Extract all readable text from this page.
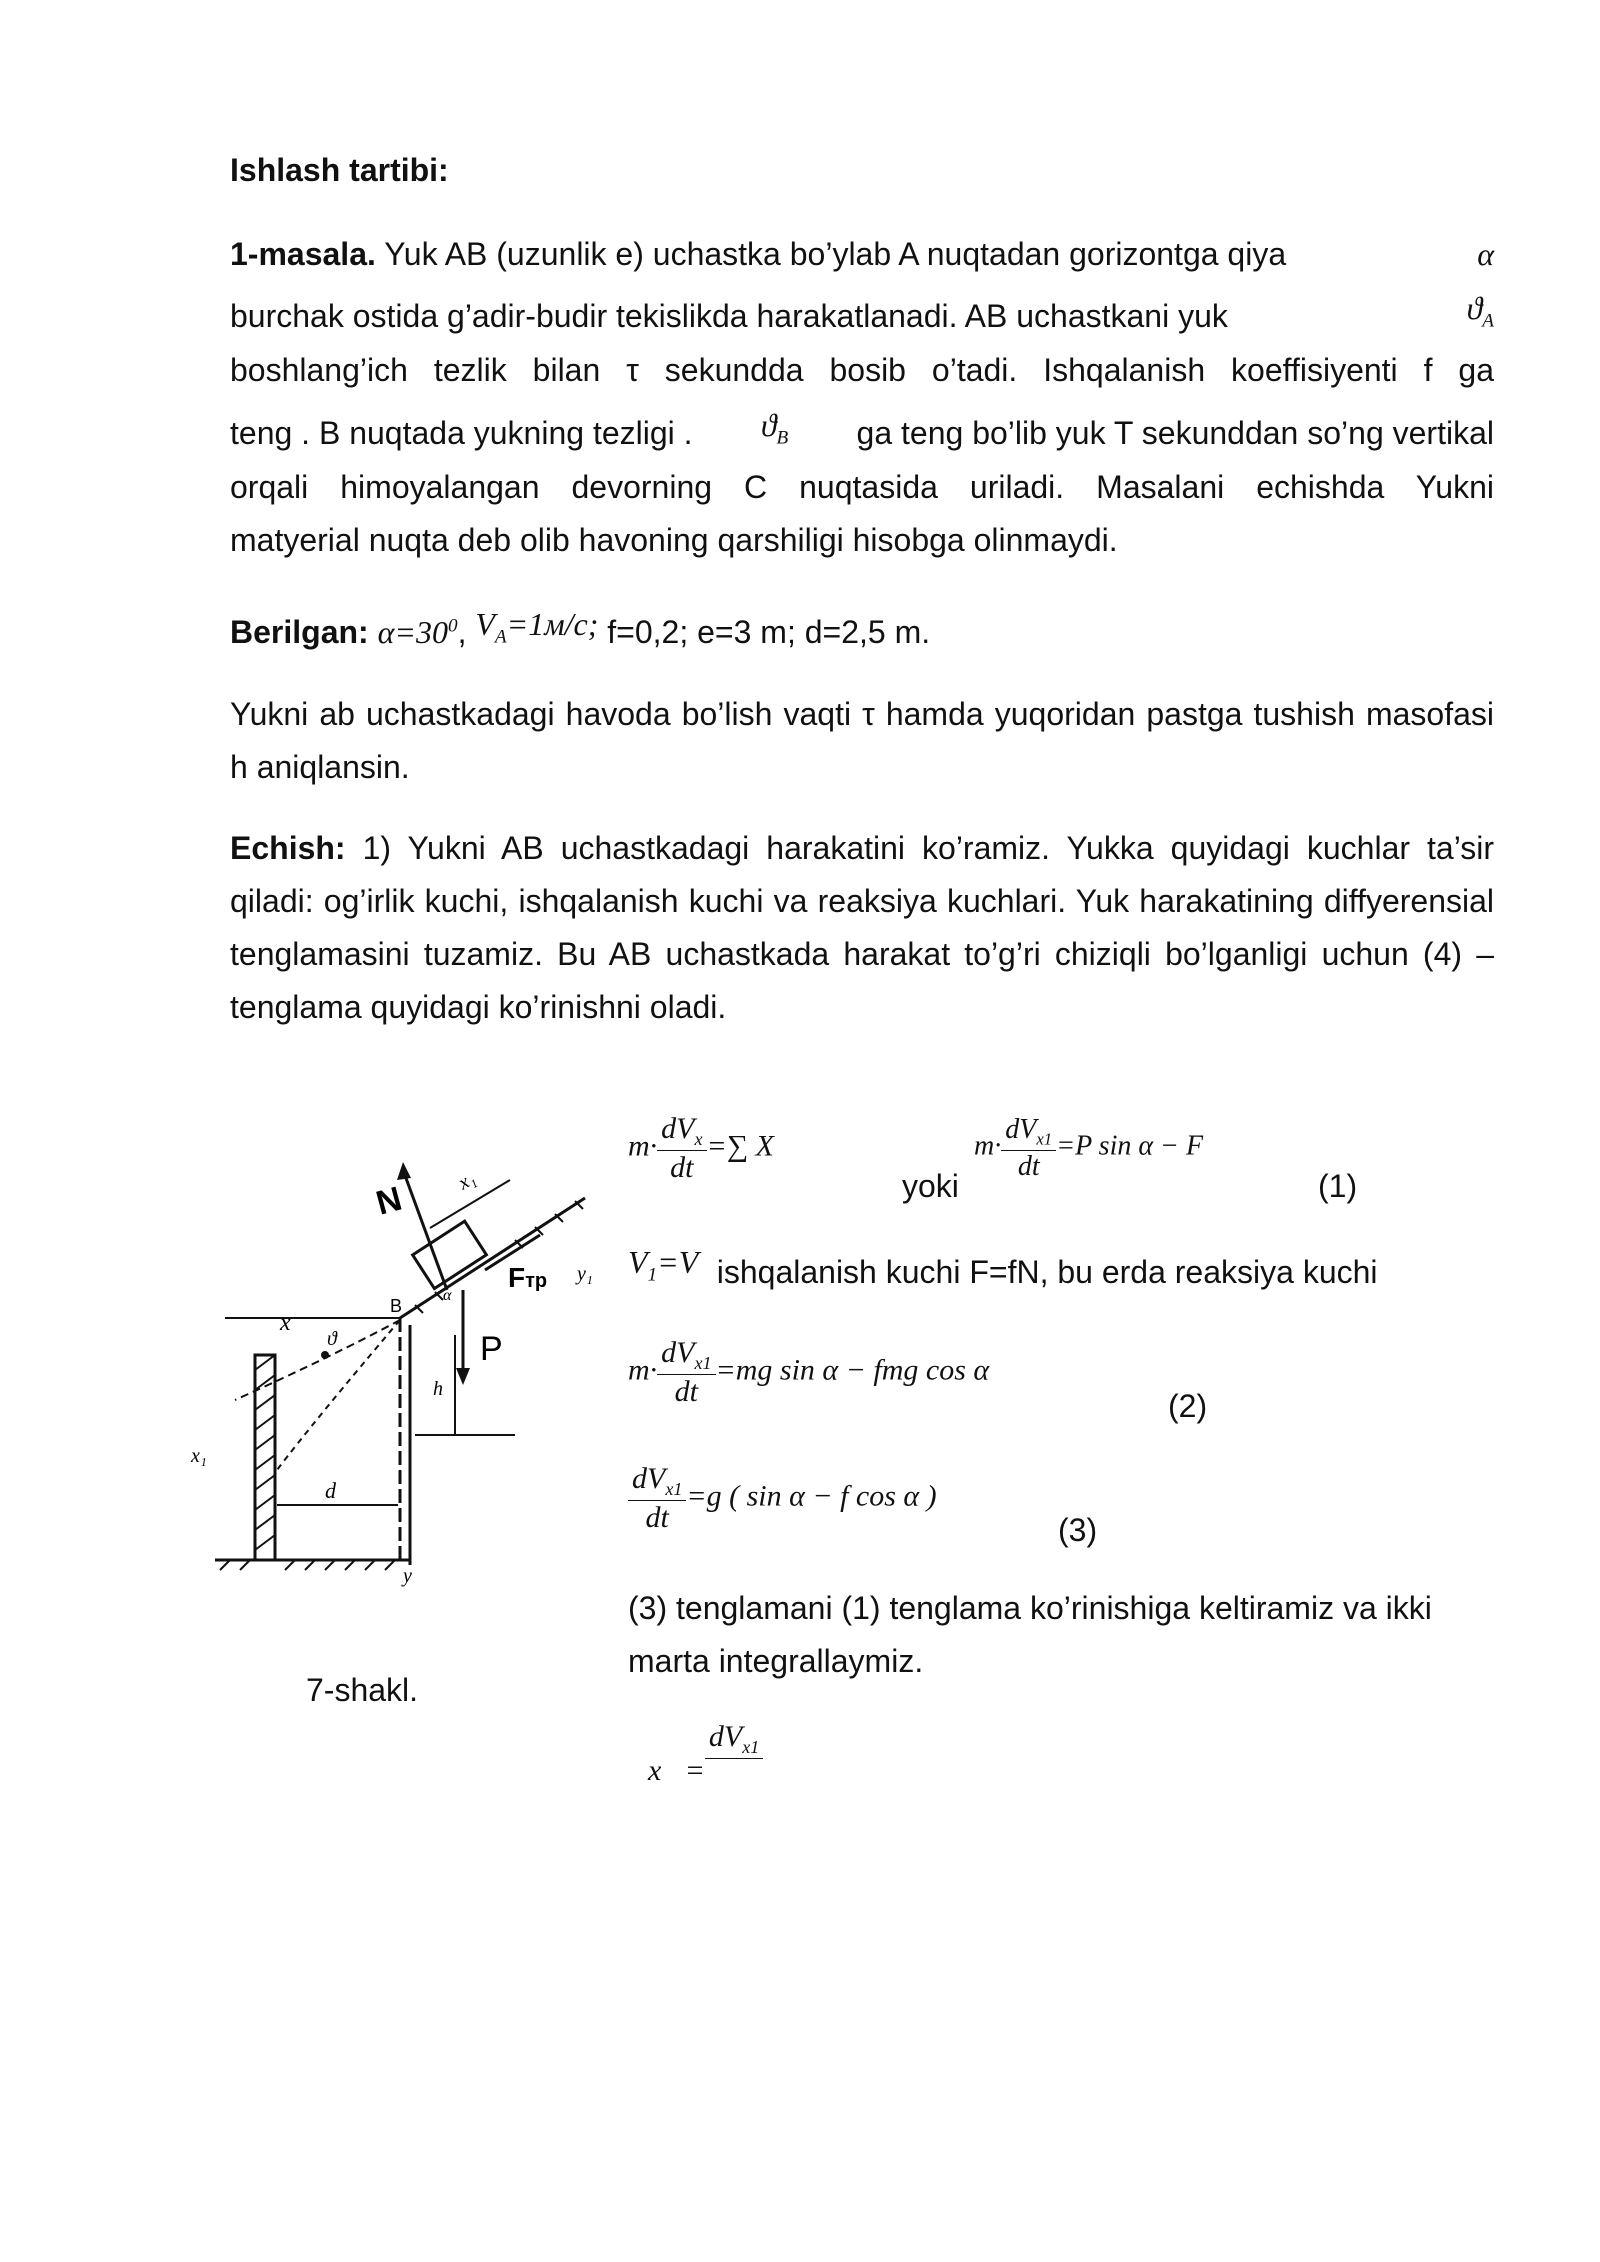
Ishlash tartibi:
1-masala. Yuk AB (uzunlik e) uchastka bo’ylab A nuqtadan gorizontga qiya	α
burchak ostida g’adir-budir tekislikda harakatlanadi. AB uchastkani yuk	$ϑ_A$
boshlang’ich tezlik bilan τ sekundda bosib o’tadi. Ishqalanish koeffisiyenti f ga
teng . B nuqtada yukning tezligi . $ϑ_B$ ga teng bo’lib yuk T sekunddan so’ng vertikal
orqali himoyalangan devorning C nuqtasida uriladi. Masalani echishda Yukni
matyerial nuqta deb olib havoning qarshiligi hisobga olinmaydi.
Berilgan: $\alpha=30^0$, $V_A=1м/с$; f=0,2; e=3 m; d=2,5 m.

Yukni ab uchastkadagi havoda bo’lish vaqti τ hamda yuqoridan pastga tushish masofasi h aniqlansin.

Echish: 1) Yukni AB uchastkadagi harakatini ko’ramiz. Yukka quyidagi kuchlar ta’sir qiladi: og’irlik kuchi, ishqalanish kuchi va reaksiya kuchlari. Yuk harakatining diffyerensial tenglamasini tuzamiz. Bu AB uchastkada harakat to’g’ri chiziqli bo’lganligi uchun (4) –tenglama quyidagi ko’rinishni oladi.

$m\cdot \frac{dV_x}{dt}$ =∑ X
yoki
$m\cdot \frac{dV_{x1}}{dt} =P$ sin α − F
(1)
$V_1=V$ ishqalanish kuchi F=fN, bu erda reaksiya kuchi
$m\cdot \frac{dV_{x1}}{dt} =mg$ sin α − fmg cos α
(2)
$\frac{dV_{x1}}{dt} =g$ ( sin α − f cos α )
(3)

(3) tenglamani (1) tenglama ko’rinishiga keltiramiz va ikki marta integrallaymiz.

x⃗=
$dV_{x1}$

N
Fтр
P
x
B
ϑ
h
d
x₁
y
y₁
x₁
α
7-shakl.
